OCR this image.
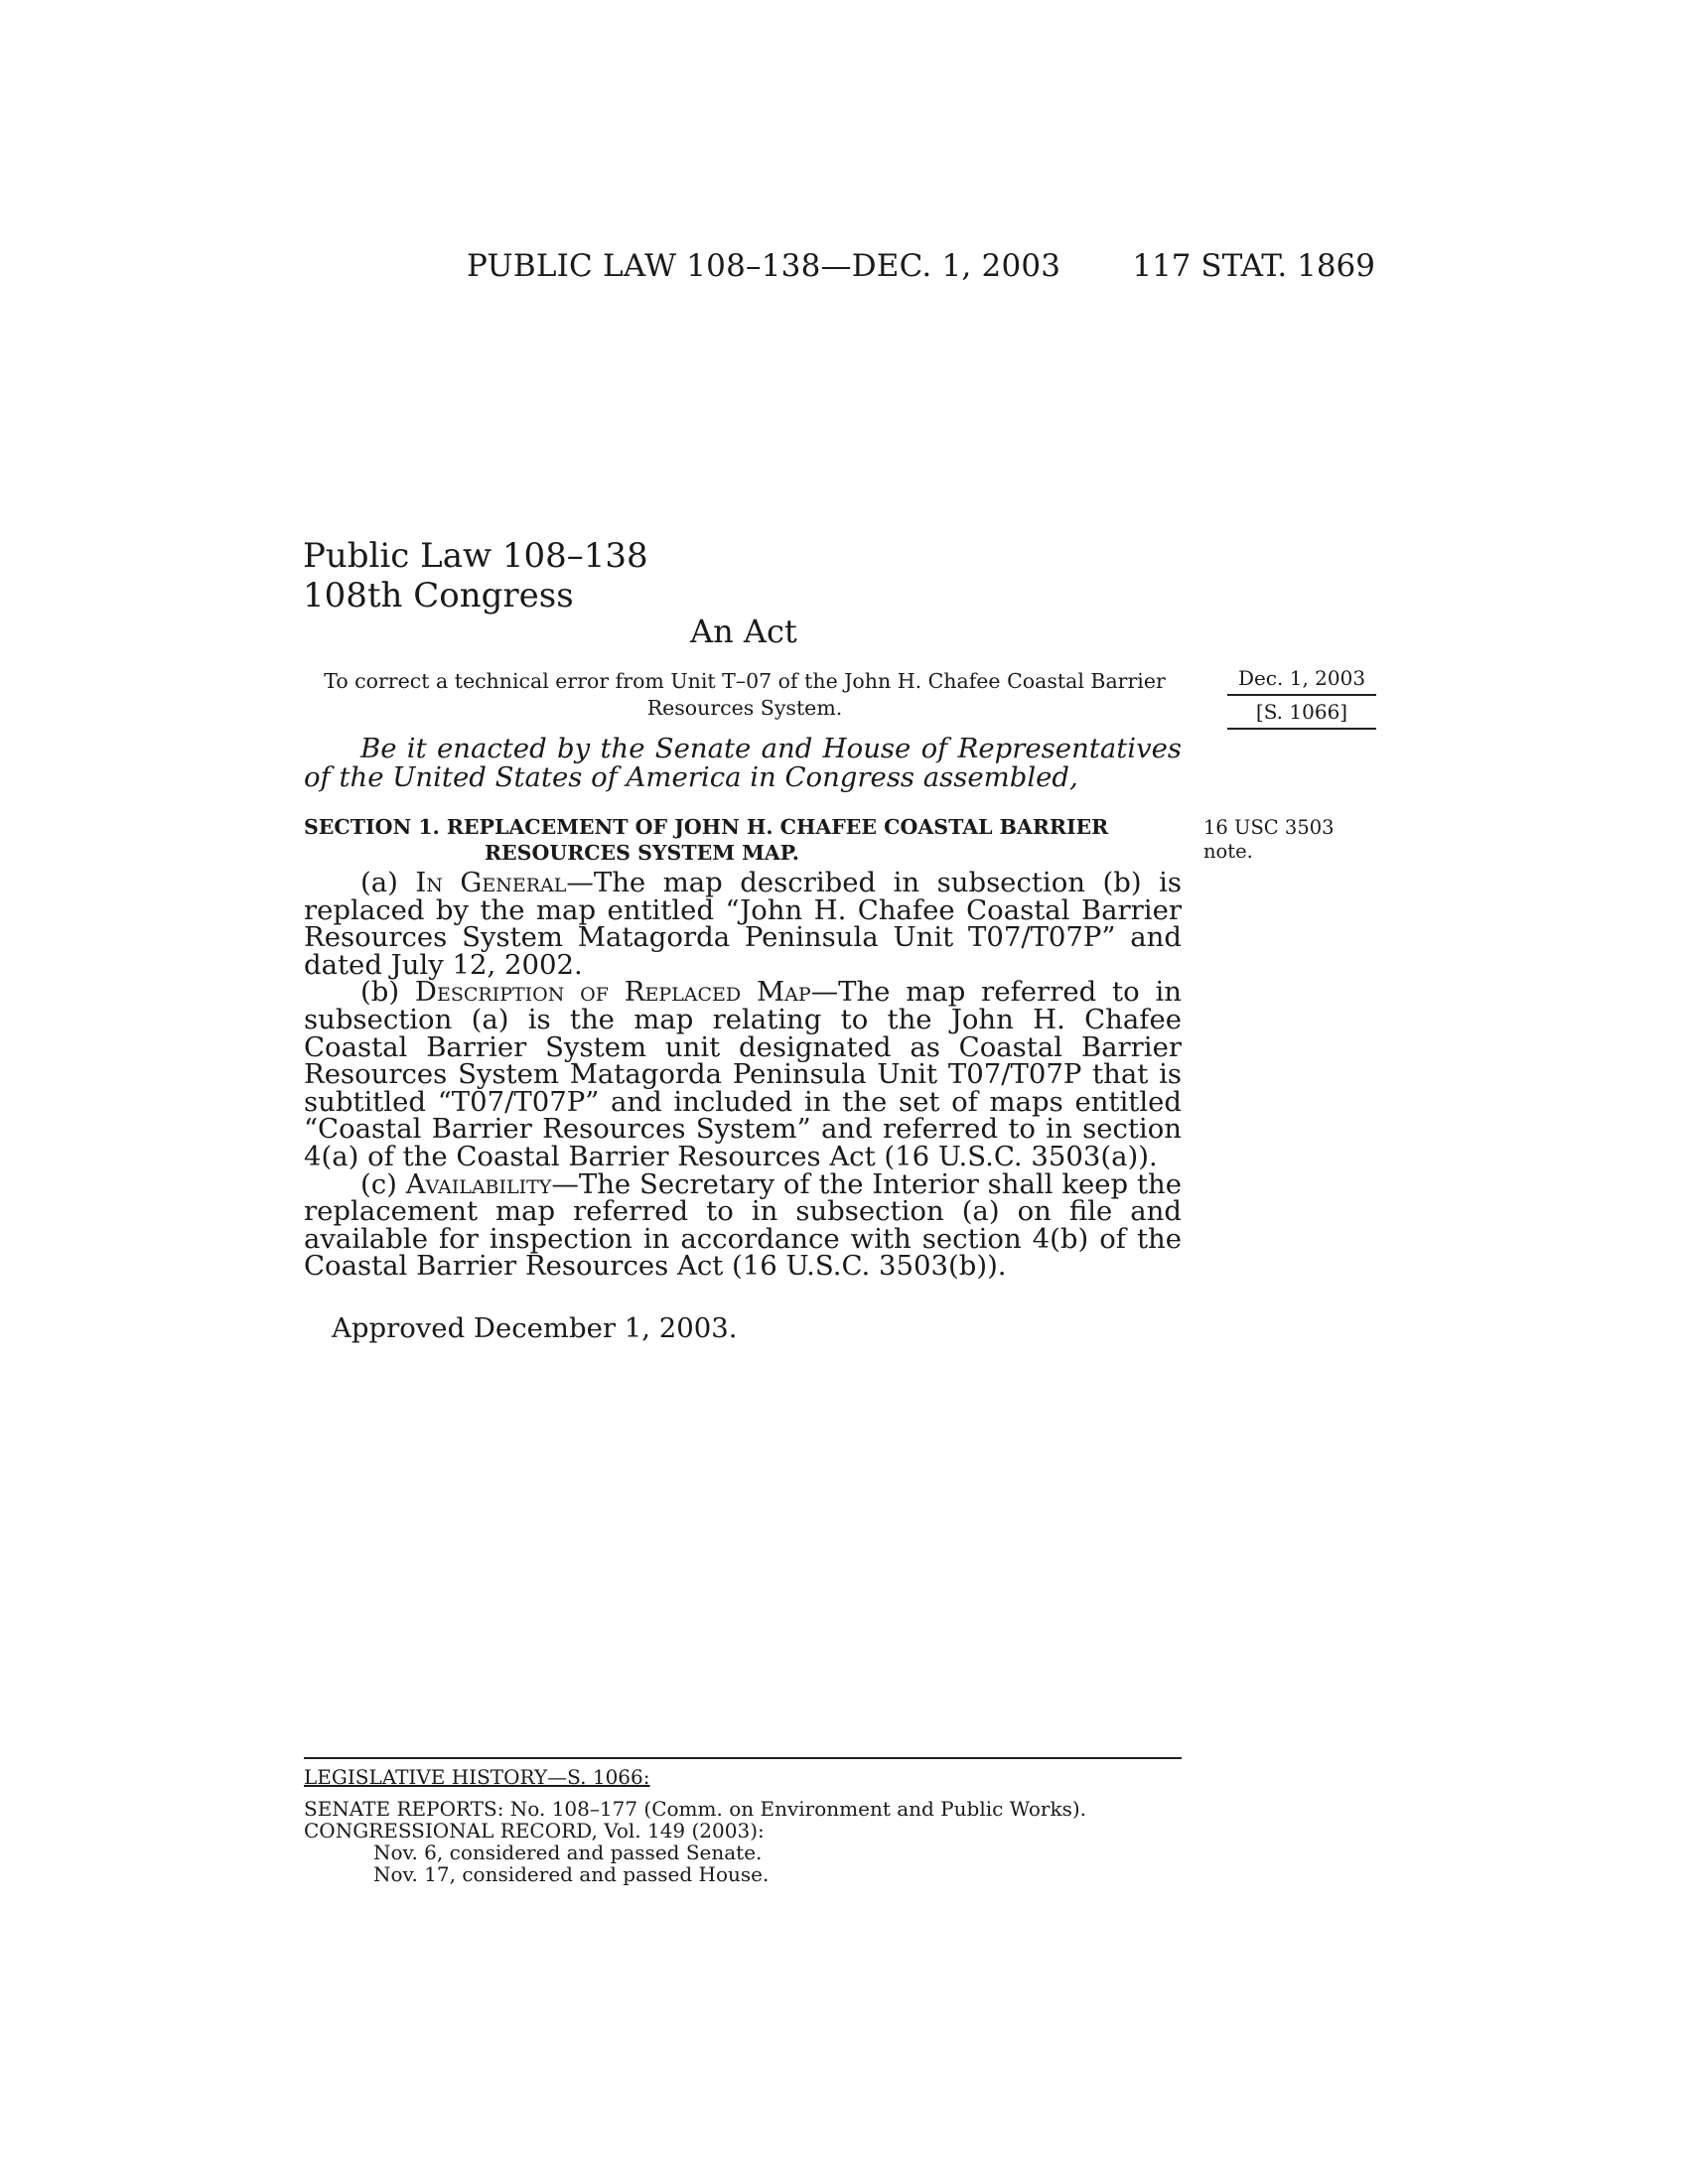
PUBLIC LAW 108–138—DEC. 1, 2003 117 STAT. 1869
Public Law 108–138
108th Congress
An Act
To correct a technical error from Unit T–07 of the John H. Chafee Coastal Barrier Resources System.
Dec. 1, 2003
[S. 1066]
Be it enacted by the Senate and House of Representatives of the United States of America in Congress assembled,
SECTION 1. REPLACEMENT OF JOHN H. CHAFEE COASTAL BARRIER
RESOURCES SYSTEM MAP.
16 USC 3503
note.

(a) In General—The map described in subsection (b) is replaced by the map entitled “John H. Chafee Coastal Barrier Resources System Matagorda Peninsula Unit T07/T07P” and dated July 12, 2002.

(b) Description of Replaced Map—The map referred to in subsection (a) is the map relating to the John H. Chafee Coastal Barrier System unit designated as Coastal Barrier Resources System Matagorda Peninsula Unit T07/T07P that is subtitled “T07/T07P” and included in the set of maps entitled “Coastal Barrier Resources System” and referred to in section 4(a) of the Coastal Barrier Resources Act (16 U.S.C. 3503(a)).

(c) Availability—The Secretary of the Interior shall keep the replacement map referred to in subsection (a) on file and available for inspection in accordance with section 4(b) of the Coastal Barrier Resources Act (16 U.S.C. 3503(b)).

Approved December 1, 2003.
LEGISLATIVE HISTORY—S. 1066:
SENATE REPORTS: No. 108–177 (Comm. on Environment and Public Works).
CONGRESSIONAL RECORD, Vol. 149 (2003):
Nov. 6, considered and passed Senate.
Nov. 17, considered and passed House.
